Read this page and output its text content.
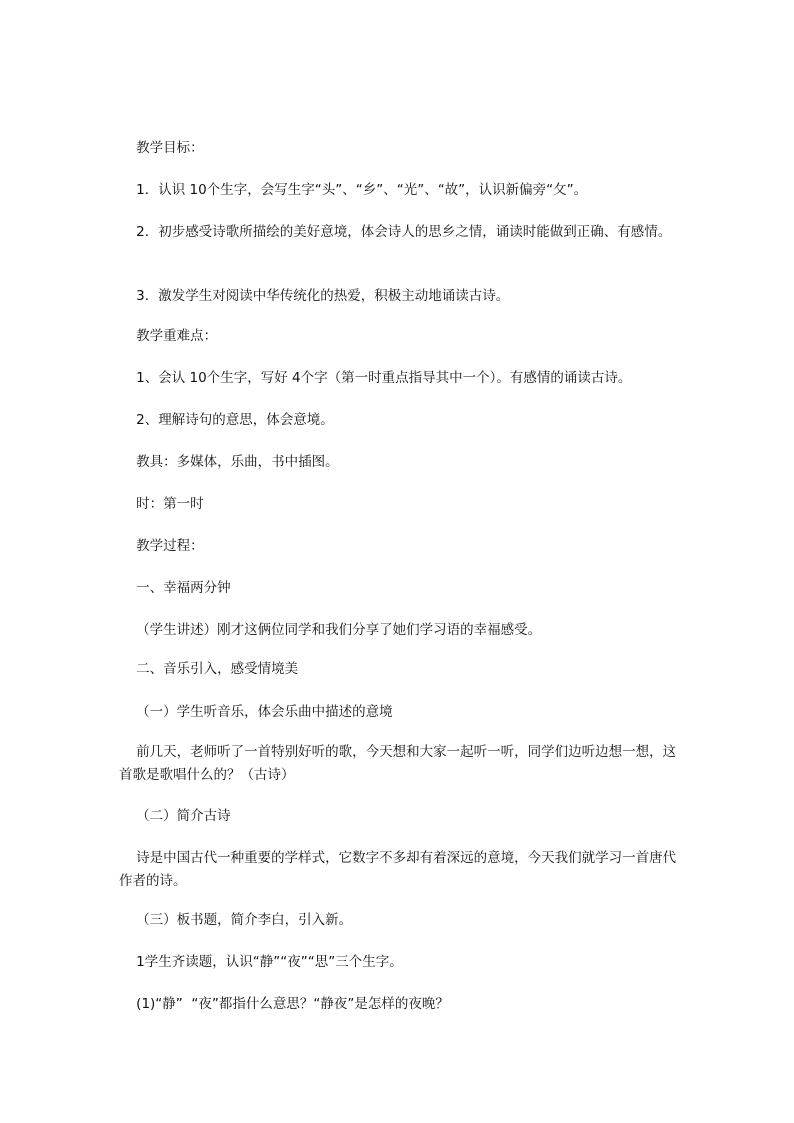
教学目标：
1．认识 10个生字，会写生字“头”、“乡”、“光”、“故”，认识新偏旁“攵”。
2．初步感受诗歌所描绘的美好意境，体会诗人的思乡之情，诵读时能做到正确、有感情。
3．激发学生对阅读中华传统化的热爱，积极主动地诵读古诗。
教学重难点：
1、会认 10个生字，写好 4个字（第一时重点指导其中一个）。有感情的诵读古诗。
2、理解诗句的意思，体会意境。
教具：多媒体，乐曲，书中插图。
时：第一时
教学过程：
一、幸福两分钟
（学生讲述）刚才这俩位同学和我们分享了她们学习语的幸福感受。
二、音乐引入，感受情境美
（一）学生听音乐，体会乐曲中描述的意境
前几天，老师听了一首特别好听的歌，今天想和大家一起听一听，同学们边听边想一想，这首歌是歌唱什么的？（古诗）
（二）简介古诗
诗是中国古代一种重要的学样式，它数字不多却有着深远的意境，今天我们就学习一首唐代作者的诗。
（三）板书题，简介李白，引入新。
1学生齐读题，认识“静”“夜”“思”三个生字。
(1)“静”  “夜”都指什么意思？“静夜”是怎样的夜晚？
